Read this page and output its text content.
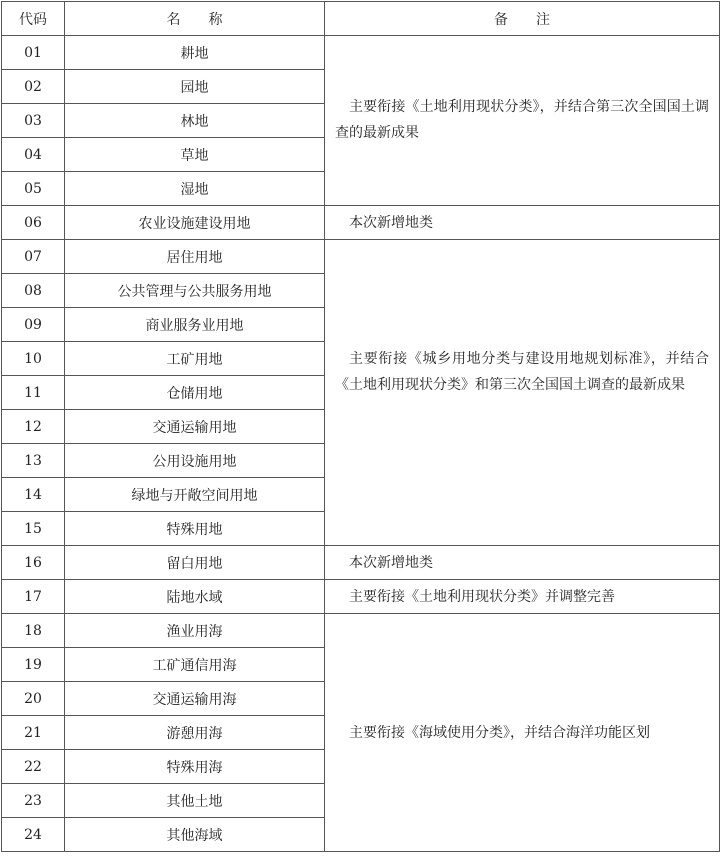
代码	名　　称	备　　注
01	耕地	主要衔接《土地利用现状分类》，并结合第三次全国国土调查的最新成果
02	园地	
03	林地	
04	草地	
05	湿地	
06	农业设施建设用地	本次新增地类
07	居住用地	主要衔接《城乡用地分类与建设用地规划标准》，并结合《土地利用现状分类》和第三次全国国土调查的最新成果
08	公共管理与公共服务用地	
09	商业服务业用地	
10	工矿用地	
11	仓储用地	
12	交通运输用地	
13	公用设施用地	
14	绿地与开敞空间用地	
15	特殊用地	
16	留白用地	本次新增地类
17	陆地水域	主要衔接《土地利用现状分类》并调整完善
18	渔业用海	主要衔接《海域使用分类》，并结合海洋功能区划
19	工矿通信用海	
20	交通运输用海	
21	游憩用海	
22	特殊用海	
23	其他土地	
24	其他海域	
